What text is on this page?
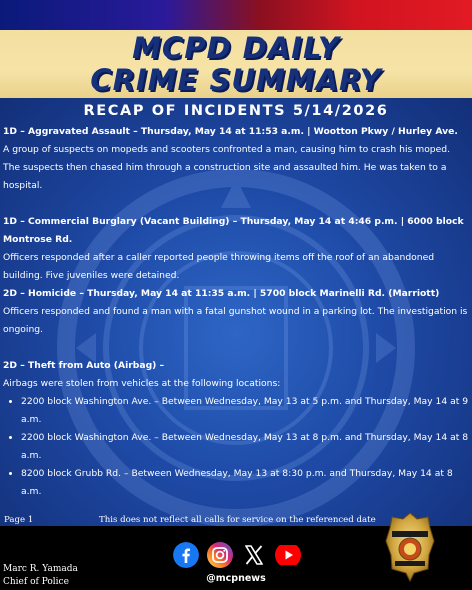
MCPD DAILY
CRIME SUMMARY
RECAP OF INCIDENTS 5/14/2026

1D – Aggravated Assault – Thursday, May 14 at 11:53 a.m. | Wootton Pkwy / Hurley Ave.

A group of suspects on mopeds and scooters confronted a man, causing him to crash his moped. The suspects then chased him through a construction site and assaulted him. He was taken to a hospital.

1D – Commercial Burglary (Vacant Building) – Thursday, May 14 at 4:46 p.m. | 6000 block Montrose Rd.

Officers responded after a caller reported people throwing items off the roof of an abandoned building. Five juveniles were detained.

2D – Homicide – Thursday, May 14 at 11:35 a.m. | 5700 block Marinelli Rd. (Marriott)

Officers responded and found a man with a fatal gunshot wound in a parking lot. The investigation is ongoing.

2D – Theft from Auto (Airbag) –

Airbags were stolen from vehicles at the following locations:

• 2200 block Washington Ave. – Between Wednesday, May 13 at 5 p.m. and Thursday, May 14 at 9 a.m.
• 2200 block Washington Ave. – Between Wednesday, May 13 at 8 p.m. and Thursday, May 14 at 8 a.m.
• 8200 block Grubb Rd. – Between Wednesday, May 13 at 8:30 p.m. and Thursday, May 14 at 8 a.m.
Page 1	This does not reflect all calls for service on the referenced date
Marc R. Yamada
Chief of Police	@mcpnews
